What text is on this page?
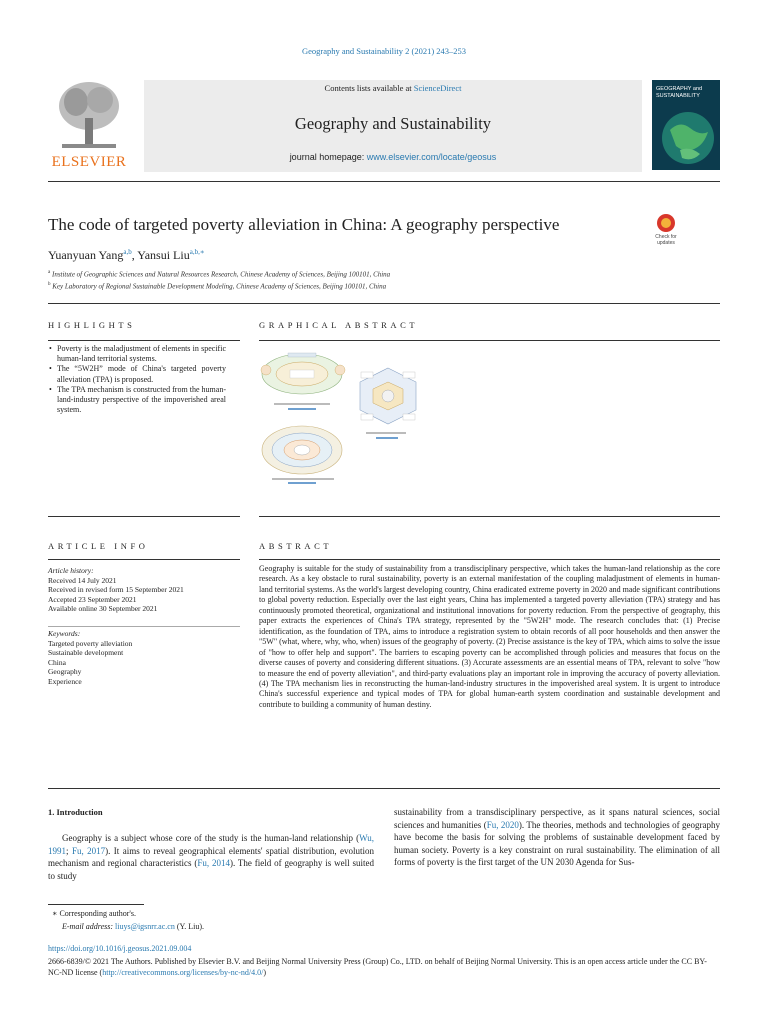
Geography and Sustainability 2 (2021) 243–253
ELSEVIER
Contents lists available at ScienceDirect
Geography and Sustainability
journal homepage: www.elsevier.com/locate/geosus
GEOGRAPHY and SUSTAINABILITY
The code of targeted poverty alleviation in China: A geography perspective
Check for updates
Yuanyuan Yang$^{a,b}$, Yansui Liu$^{a,b,∗}$
$^a$ Institute of Geographic Sciences and Natural Resources Research, Chinese Academy of Sciences, Beijing 100101, China
$^b$ Key Laboratory of Regional Sustainable Development Modeling, Chinese Academy of Sciences, Beijing 100101, China
HIGHLIGHTS	GRAPHICAL ABSTRACT
• Poverty is the maladjustment of elements in specific human-land territorial systems.
• The “5W2H” mode of China's targeted poverty alleviation (TPA) is proposed.
• The TPA mechanism is constructed from the human-land-industry perspective of the impoverished areal system.
ARTICLE INFO	ABSTRACT
Article history:
Received 14 July 2021
Received in revised form 15 September 2021
Accepted 23 September 2021
Available online 30 September 2021
Keywords:
Targeted poverty alleviation
Sustainable development
China
Geography
Experience
Geography is suitable for the study of sustainability from a transdisciplinary perspective, which takes the human-land relationship as the core research. As a key obstacle to rural sustainability, poverty is an external manifestation of the coupling maladjustment of elements in human-land territorial systems. As the world's largest developing country, China eradicated extreme poverty in 2020 and made significant contributions to global poverty reduction. Especially over the last eight years, China has implemented a targeted poverty alleviation (TPA) strategy and has continuously promoted theoretical, organizational and institutional innovations for poverty reduction. From the perspective of geography, this paper extracts the experiences of China's TPA strategy, represented by the "5W2H" mode. The research concludes that: (1) Precise identification, as the foundation of TPA, aims to introduce a registration system to obtain records of all poor households and then answer the "5W" (what, where, why, who, when) issues of the geography of poverty. (2) Precise assistance is the key of TPA, which aims to solve the issue of "how to offer help and support". The barriers to escaping poverty can be accomplished through policies and measures that focus on the diverse causes of poverty and considering different situations. (3) Accurate assessments are an essential means of TPA, relevant to solve "how to measure the end of poverty alleviation", and third-party evaluations play an important role in improving the accuracy of poverty alleviation. (4) The TPA mechanism lies in reconstructing the human-land-industry structures in the impoverished areal system. It is urgent to introduce China's successful experience and typical modes of TPA for global human-earth system coordination and sustainable development and contribute to building a community of human destiny.
1. Introduction
Geography is a subject whose core of the study is the human-land relationship (Wu, 1991; Fu, 2017). It aims to reveal geographical elements' spatial distribution, evolution mechanism and regional characteristics (Fu, 2014). The field of geography is well suited to study
sustainability from a transdisciplinary perspective, as it spans natural sciences, social sciences and humanities (Fu, 2020). The theories, methods and technologies of geography have become the basis for solving the problems of sustainable development faced by human society. Poverty is a key constraint on rural sustainability. The elimination of all forms of poverty is the first target of the UN 2030 Agenda for Sus-
∗ Corresponding author's.
E-mail address: liuys@igsnrr.ac.cn (Y. Liu).
https://doi.org/10.1016/j.geosus.2021.09.004
2666-6839/© 2021 The Authors. Published by Elsevier B.V. and Beijing Normal University Press (Group) Co., LTD. on behalf of Beijing Normal University. This is an open access article under the CC BY-NC-ND license (http://creativecommons.org/licenses/by-nc-nd/4.0/)
